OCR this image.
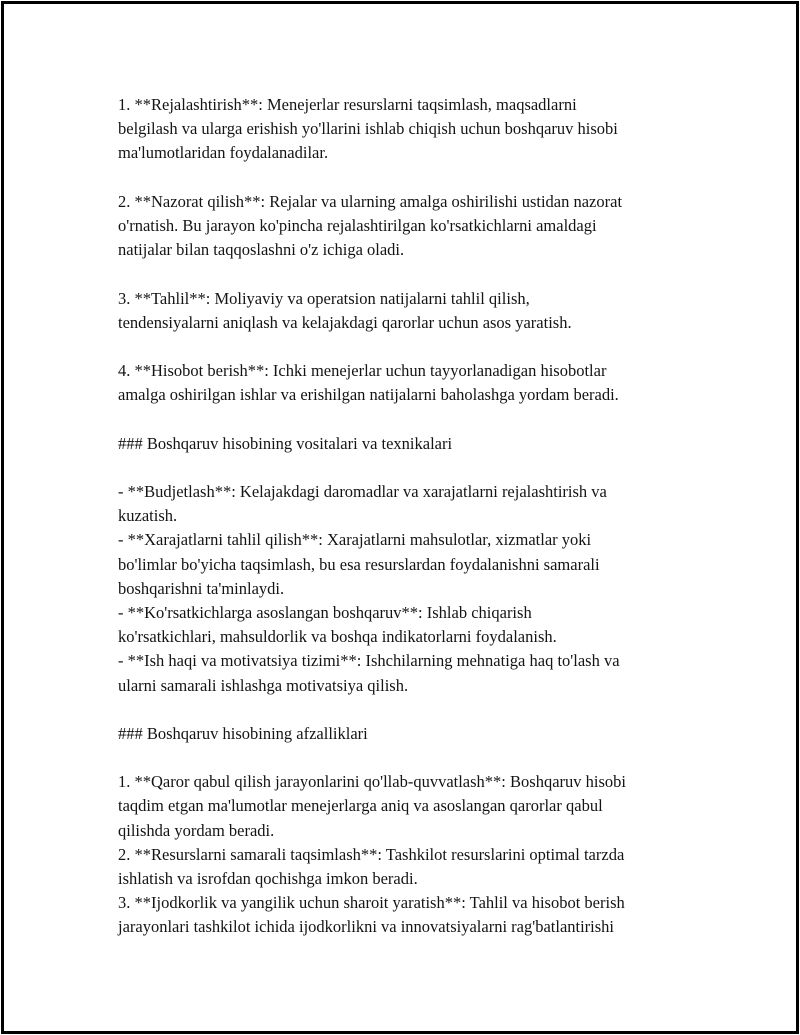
1. **Rejalashtirish**: Menejerlar resurslarni taqsimlash, maqsadlarni
belgilash va ularga erishish yo'llarini ishlab chiqish uchun boshqaruv hisobi
ma'lumotlaridan foydalanadilar.
2. **Nazorat qilish**: Rejalar va ularning amalga oshirilishi ustidan nazorat
o'rnatish. Bu jarayon ko'pincha rejalashtirilgan ko'rsatkichlarni amaldagi
natijalar bilan taqqoslashni o'z ichiga oladi.
3. **Tahlil**: Moliyaviy va operatsion natijalarni tahlil qilish,
tendensiyalarni aniqlash va kelajakdagi qarorlar uchun asos yaratish.
4. **Hisobot berish**: Ichki menejerlar uchun tayyorlanadigan hisobotlar
amalga oshirilgan ishlar va erishilgan natijalarni baholashga yordam beradi.
### Boshqaruv hisobining vositalari va texnikalari
- **Budjetlash**: Kelajakdagi daromadlar va xarajatlarni rejalashtirish va
kuzatish.
- **Xarajatlarni tahlil qilish**: Xarajatlarni mahsulotlar, xizmatlar yoki
bo'limlar bo'yicha taqsimlash, bu esa resurslardan foydalanishni samarali
boshqarishni ta'minlaydi.
- **Ko'rsatkichlarga asoslangan boshqaruv**: Ishlab chiqarish
ko'rsatkichlari, mahsuldorlik va boshqa indikatorlarni foydalanish.
- **Ish haqi va motivatsiya tizimi**: Ishchilarning mehnatiga haq to'lash va
ularni samarali ishlashga motivatsiya qilish.
### Boshqaruv hisobining afzalliklari
1. **Qaror qabul qilish jarayonlarini qo'llab-quvvatlash**: Boshqaruv hisobi
taqdim etgan ma'lumotlar menejerlarga aniq va asoslangan qarorlar qabul
qilishda yordam beradi.
2. **Resurslarni samarali taqsimlash**: Tashkilot resurslarini optimal tarzda
ishlatish va isrofdan qochishga imkon beradi.
3. **Ijodkorlik va yangilik uchun sharoit yaratish**: Tahlil va hisobot berish
jarayonlari tashkilot ichida ijodkorlikni va innovatsiyalarni rag'batlantirishi
